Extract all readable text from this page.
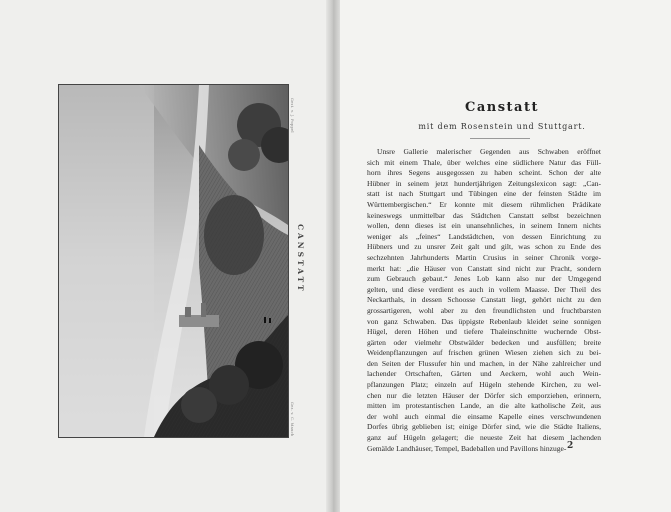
Gest. v. J. Poppel
Gez. v. C. Mauch
CANSTATT
Canstatt
mit dem Rosenstein und Stuttgart.
Unsre Gallerie malerischer Gegenden aus Schwaben eröffnet
sich mit einem Thale, über welches eine südlichere Natur das Füll-
horn ihres Segens ausgegossen zu haben scheint. Schon der alte
Hübner in seinem jetzt hundertjährigen Zeitungslexicon sagt: „Can-
statt ist nach Stuttgart und Tübingen eine der feinsten Städte im
Württembergischen.“ Er konnte mit diesem rühmlichen Prädikate
keineswegs unmittelbar das Städtchen Canstatt selbst bezeichnen
wollen, denn dieses ist ein unansehnliches, in seinem Innern nichts
weniger als „feines“ Landstädtchen, von dessen Einrichtung zu
Hübners und zu unsrer Zeit galt und gilt, was schon zu Ende des
sechzehnten Jahrhunderts Martin Crusius in seiner Chronik vorge-
merkt hat: „die Häuser von Canstatt sind nicht zur Pracht, sondern
zum Gebrauch gebaut.“ Jenes Lob kann also nur der Umgegend
gelten, und diese verdient es auch in vollem Maasse. Der Theil des
Neckarthals, in dessen Schoosse Canstatt liegt, gehört nicht zu den
grossartigeren, wohl aber zu den freundlichsten und fruchtbarsten
von ganz Schwaben. Das üppigste Rebenlaub kleidet seine sonnigen
Hügel, deren Höhen und tiefere Thaleinschnitte wuchernde Obst-
gärten oder vielmehr Obstwälder bedecken und ausfüllen; breite
Weidenpflanzungen auf frischen grünen Wiesen ziehen sich zu bei-
den Seiten der Flussufer hin und machen, in der Nähe zahlreicher und
lachender Ortschaften, Gärten und Aeckern, wohl auch Wein-
pflanzungen Platz; einzeln auf Hügeln stehende Kirchen, zu wel-
chen nur die letzten Häuser der Dörfer sich emporziehen, erinnern,
mitten im protestantischen Lande, an die alte katholische Zeit, aus
der wohl auch einmal die einsame Kapelle eines verschwundenen
Dorfes übrig geblieben ist; einige Dörfer sind, wie die Städte Italiens,
ganz auf Hügeln gelagert; die neueste Zeit hat diesem lachenden
Gemälde Landhäuser, Tempel, Badeballen und Pavillons hinzuge- 2
